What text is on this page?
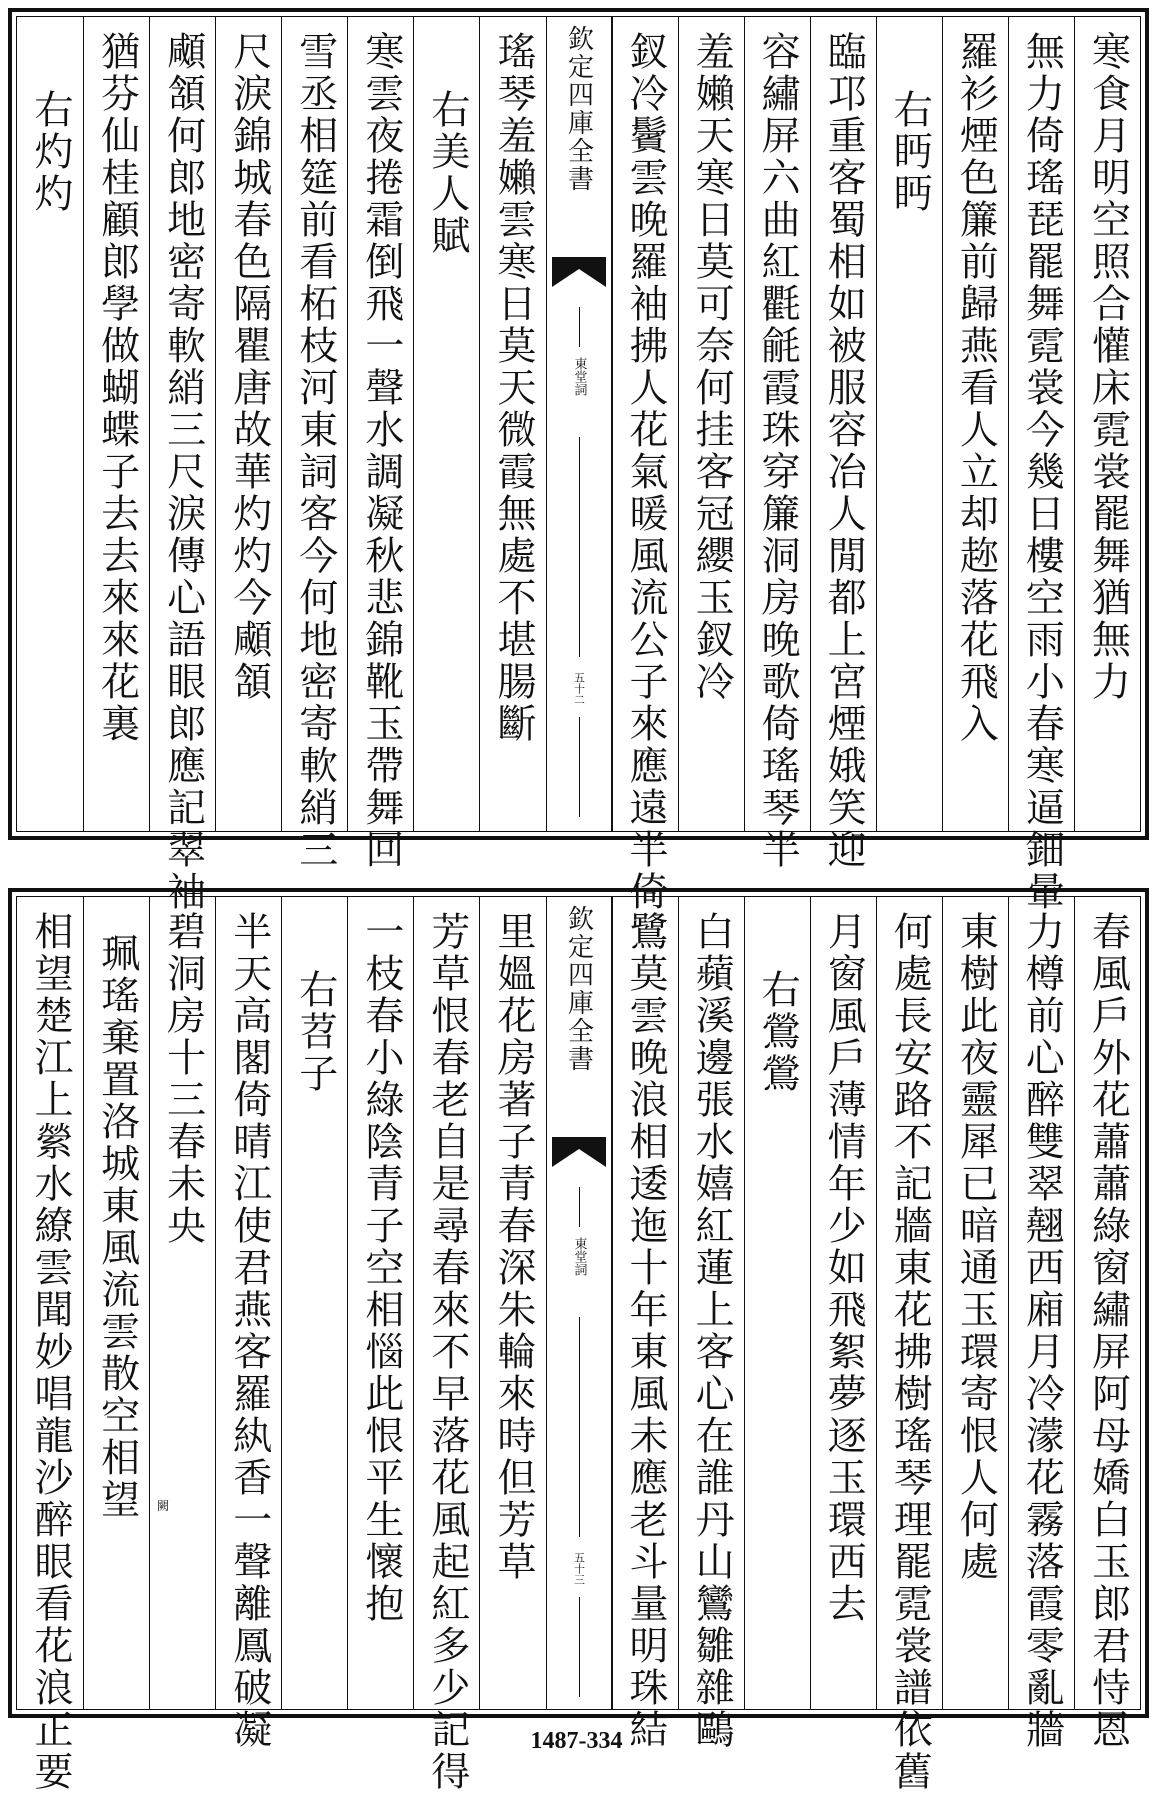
寒食月明空照合懽床霓裳罷舞猶無力
無力倚瑤琵罷舞霓裳今幾日樓空雨小春寒逼鈿暈
羅衫煙色簾前歸燕看人立却趂落花飛入
右眄眄
臨邛重客蜀相如被服容冶人閒都上宮煙娥笑迎
容繡屏六曲紅氍毹霞珠穿簾洞房晚歌倚瑤琴半
羞嬾天寒日莫可奈何挂客冠纓玉釵冷
釵冷鬢雲晚羅袖拂人花氣暖風流公子來應遠半倚
欽定四庫全書
東堂詞
五十二
瑤琴羞嬾雲寒日莫天微霞無處不堪腸斷
右美人賦
寒雲夜捲霜倒飛一聲水調凝秋悲錦靴玉帶舞回
雪丞相筵前看柘枝河東詞客今何地密寄軟綃三
尺淚錦城春色隔瞿唐故華灼灼今顑頷
顑頷何郎地密寄軟綃三尺淚傳心語眼郎應記翠袖
猶芬仙桂顧郎學做蝴蝶子去去來來花裏
右灼灼
春風戶外花蕭蕭綠窗繡屏阿母嬌白玉郎君恃恩
力樽前心醉雙翠翹西廂月冷濛花霧落霞零亂牆
東樹此夜靈犀已暗通玉環寄恨人何處
何處長安路不記牆東花拂樹瑤琴理罷霓裳譜依舊
月窗風戶薄情年少如飛絮夢逐玉環西去
右鶯鶯
白蘋溪邊張水嬉紅蓮上客心在誰丹山鸞雛雜鷗
鷺莫雲晚浪相逶迤十年東風未應老斗量明珠結
欽定四庫全書
東堂詞
五十三
里媼花房著子青春深朱輪來時但芳草
芳草恨春老自是尋春來不早落花風起紅多少記得
一枝春小綠陰青子空相惱此恨平生懷抱
右苕子
半天高閣倚晴江使君燕客羅紈香一聲離鳳破凝
碧洞房十三春未央
珮瑤棄置洛城東風流雲散空相望
相望楚江上縈水繚雲聞妙唱龍沙醉眼看花浪正要	闕
1487-334
